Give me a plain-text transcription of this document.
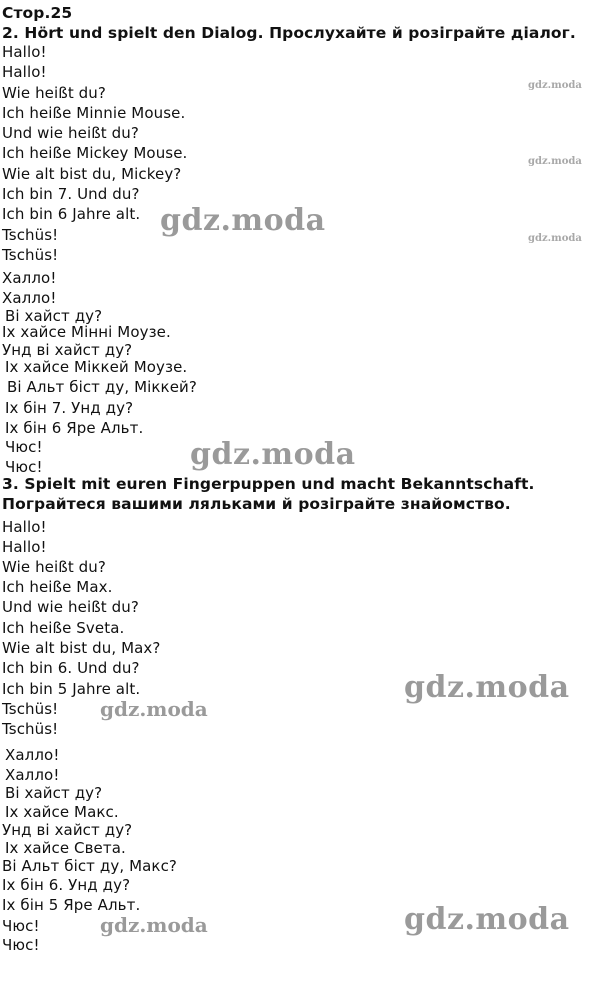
Стор.25
2. Hört und spielt den Dialog. Прослухайте й розіграйте діалог.
Hallo!
Hallo!
Wie heißt du?
Ich heiße Minnie Mouse.
Und wie heißt du?
Ich heiße Mickey Mouse.
Wie alt bist du, Mickey?
Ich bin 7. Und du?
Ich bin 6 Jahre alt.
Tschüs!
Tschüs!
Халло!
Халло!
Ві хайст ду?
Іх хайсе Мінні Моузе.
Унд ві хайст ду?
Іх хайсе Міккей Моузе.
Ві Альт біст ду, Міккей?
Іх бін 7. Унд ду?
Іх бін 6 Яре Альт.
Чюс!
Чюс!
3. Spielt mit euren Fingerpuppen und macht Bekanntschaft.
Пограйтеся вашими ляльками й розіграйте знайомство.
Hallo!
Hallo!
Wie heißt du?
Ich heiße Max.
Und wie heißt du?
Ich heiße Sveta.
Wie alt bist du, Max?
Ich bin 6. Und du?
Ich bin 5 Jahre alt.
Tschüs!
Tschüs!
Халло!
Халло!
Ві хайст ду?
Іх хайсе Макс.
Унд ві хайст ду?
Іх хайсе Света.
Ві Альт біст ду, Макс?
Іх бін 6. Унд ду?
Іх бін 5 Яре Альт.
Чюс!
Чюс!
gdz.moda
gdz.moda
gdz.moda
gdz.moda
gdz.moda
gdz.moda
gdz.moda
gdz.moda
gdz.moda
